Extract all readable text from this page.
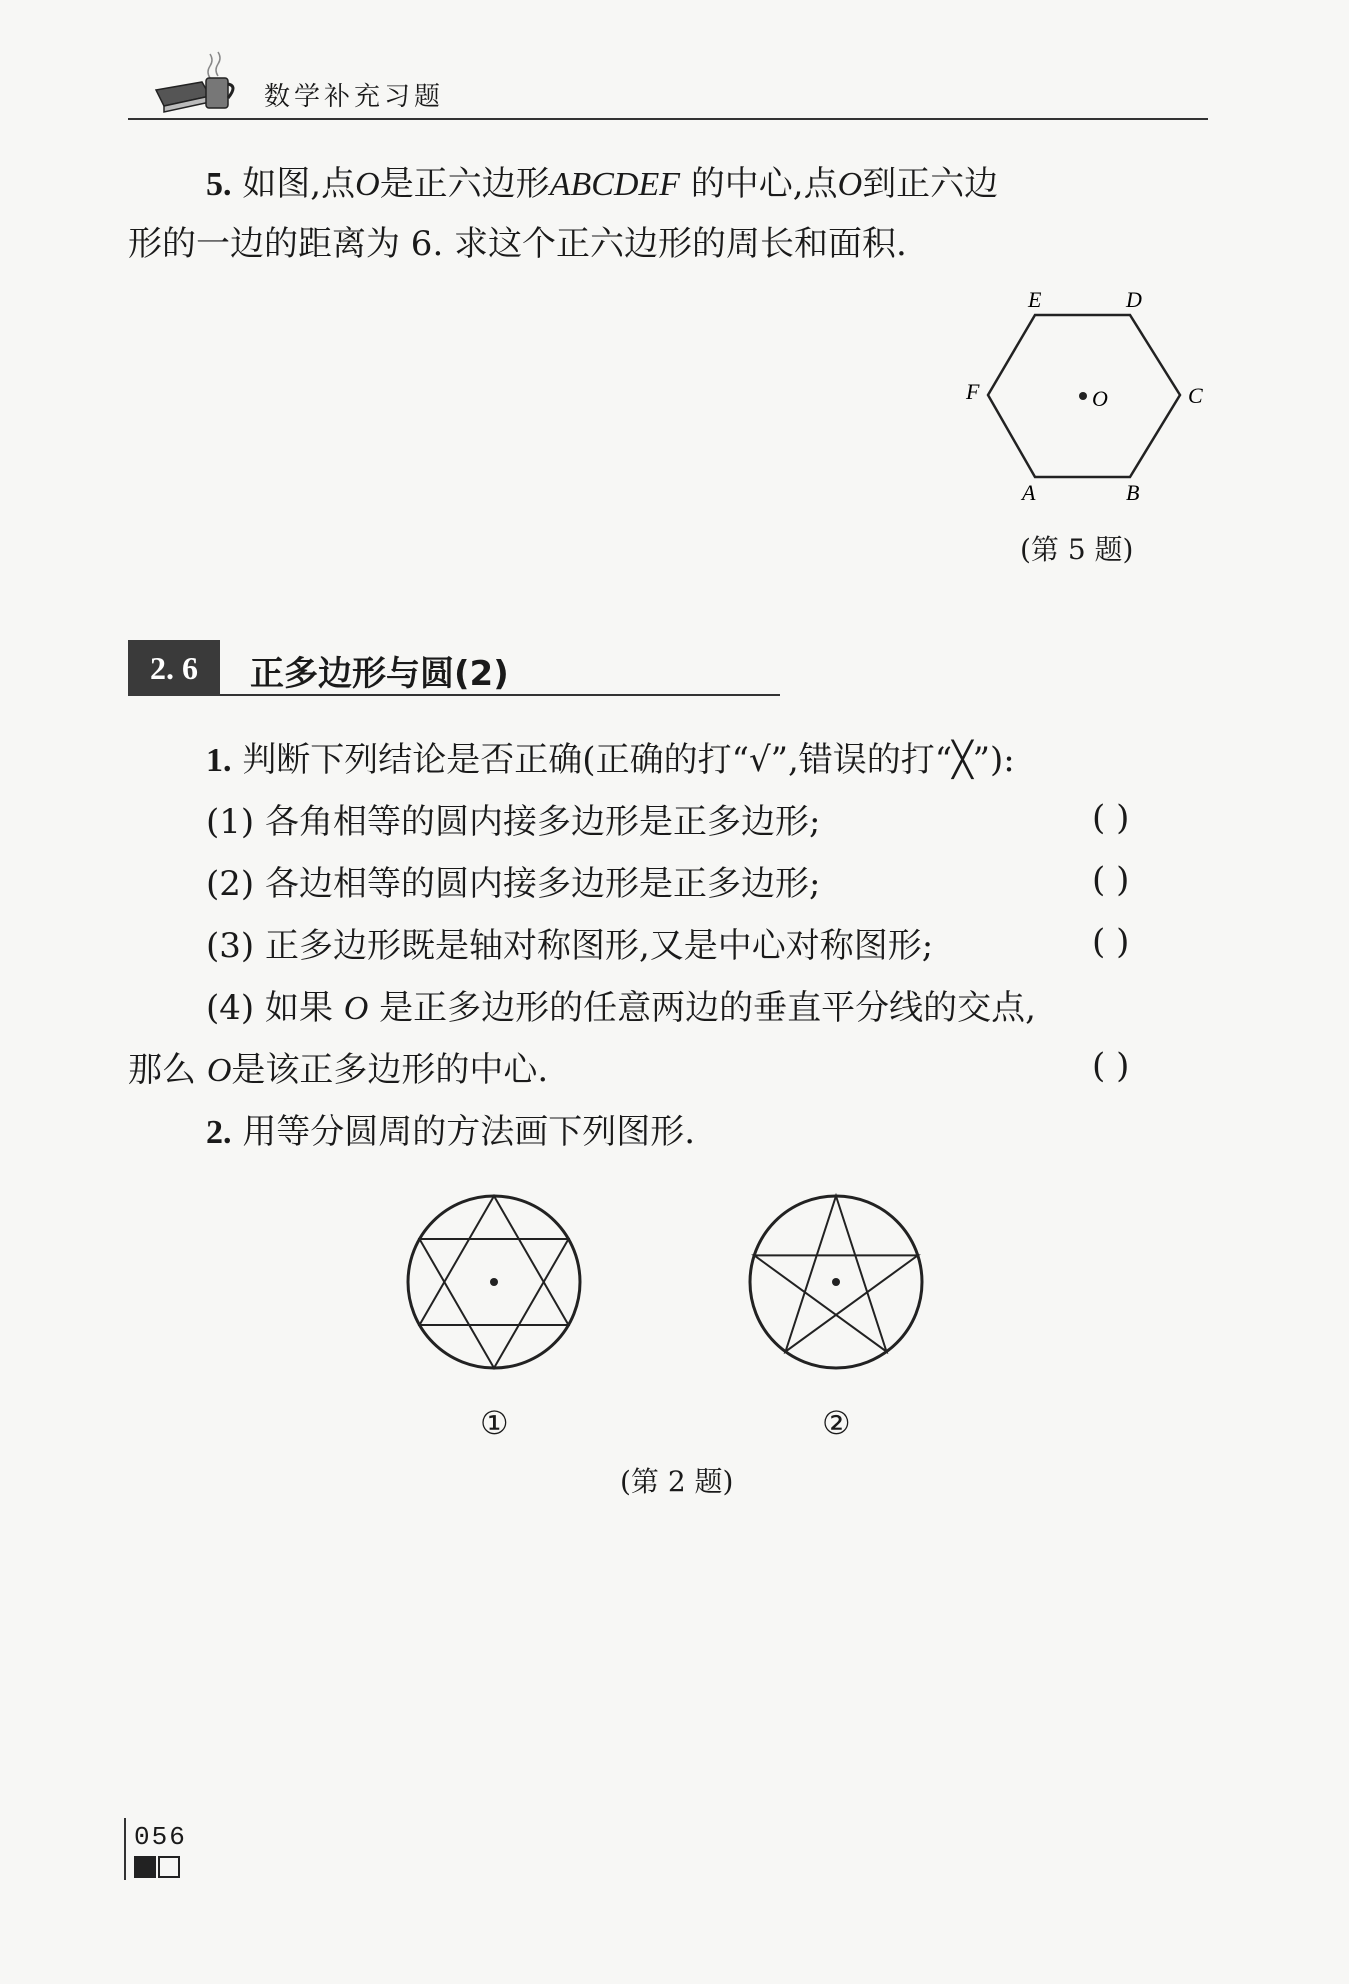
数学补充习题
5. 如图,点O是正六边形ABCDEF 的中心,点O到正六边
形的一边的距离为 6. 求这个正六边形的周长和面积.
E	D
C
F
A	B
O
(第 5 题)
2. 6	正多边形与圆(2)
1. 判断下列结论是否正确(正确的打“√”,错误的打“╳”):
(1) 各角相等的圆内接多边形是正多边形;	( )
(2) 各边相等的圆内接多边形是正多边形;	( )
(3) 正多边形既是轴对称图形,又是中心对称图形;	( )
(4) 如果 O 是正多边形的任意两边的垂直平分线的交点,
那么 O是该正多边形的中心.	( )
2. 用等分圆周的方法画下列图形.
①	②
(第 2 题)
056
